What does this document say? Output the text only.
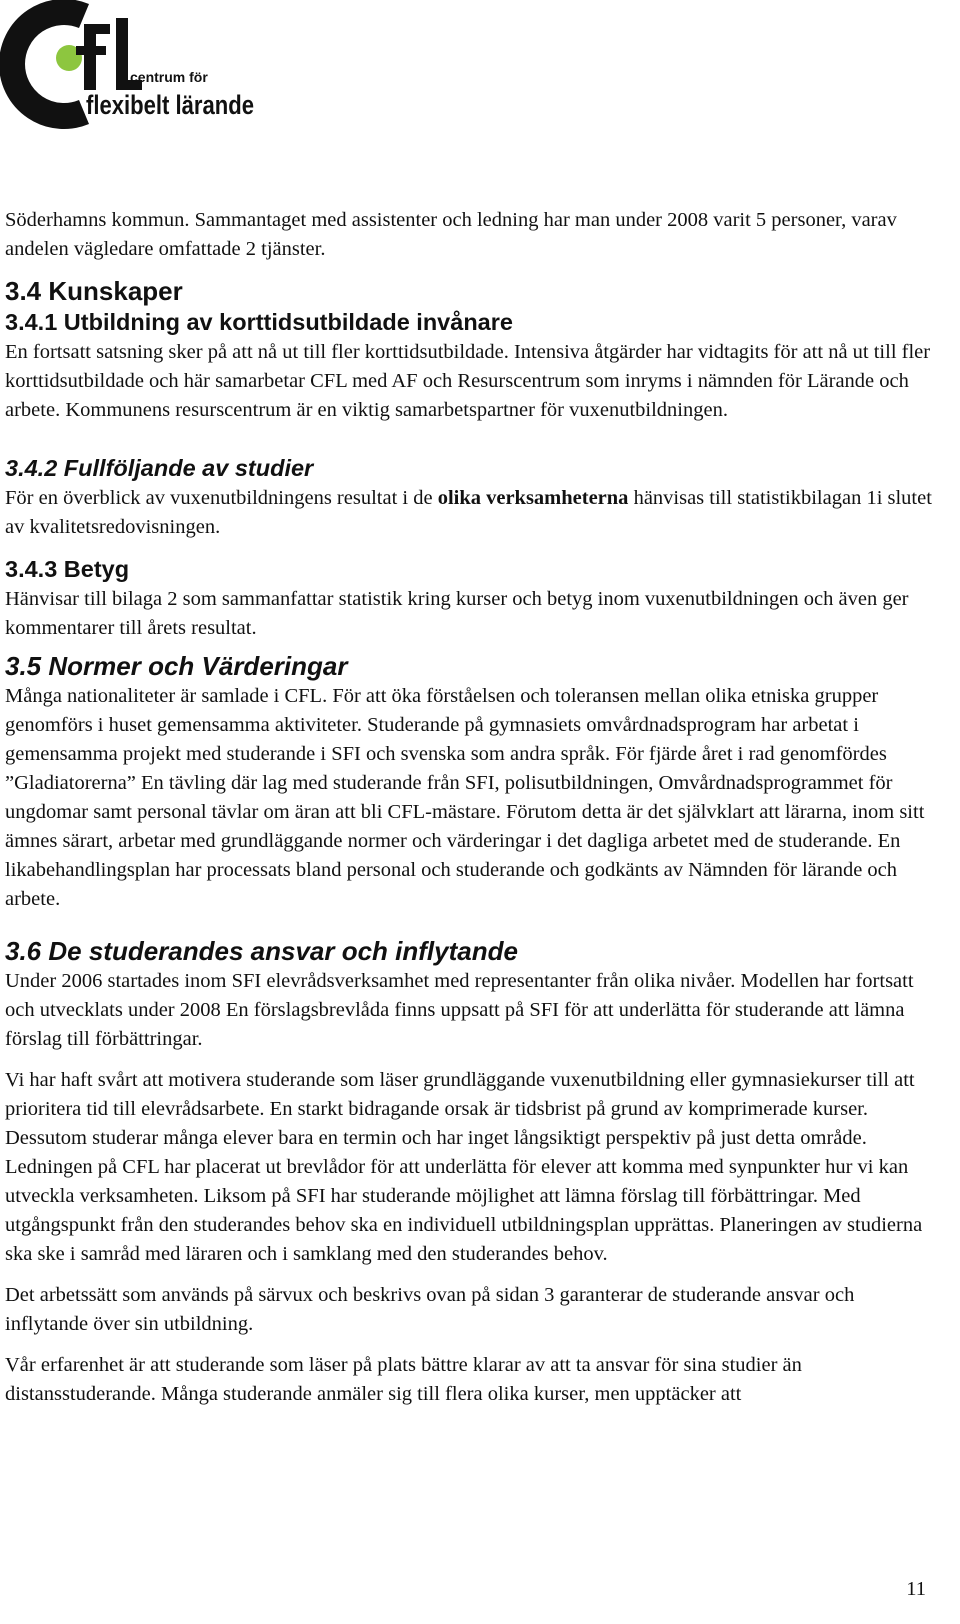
centrum för
flexibelt lärande

Söderhamns kommun. Sammantaget med assistenter och ledning har man under 2008 varit 5 personer, varav andelen vägledare omfattade 2 tjänster.

3.4 Kunskaper

3.4.1 Utbildning av korttidsutbildade invånare

En fortsatt satsning sker på att nå ut till fler korttidsutbildade. Intensiva åtgärder har vidtagits för att nå ut till fler korttidsutbildade och här samarbetar CFL med AF och Resurscentrum som inryms i nämnden för Lärande och arbete. Kommunens resurscentrum är en viktig samarbetspartner för vuxenutbildningen.

3.4.2 Fullföljande av studier

För en överblick av vuxenutbildningens resultat i de olika verksamheterna hänvisas till statistikbilagan 1i slutet av kvalitetsredovisningen.

3.4.3 Betyg

Hänvisar till bilaga 2 som sammanfattar statistik kring kurser och betyg inom vuxenutbildningen och även ger kommentarer till årets resultat.

3.5 Normer och Värderingar

Många nationaliteter är samlade i CFL. För att öka förståelsen och toleransen mellan olika etniska grupper genomförs i huset gemensamma aktiviteter. Studerande på gymnasiets omvårdnadsprogram har arbetat i gemensamma projekt med studerande i SFI och svenska som andra språk. För fjärde året i rad genomfördes ”Gladiatorerna” En tävling där lag med studerande från SFI, polisutbildningen, Omvårdnadsprogrammet för ungdomar samt personal tävlar om äran att bli CFL-mästare. Förutom detta är det självklart att lärarna, inom sitt ämnes särart, arbetar med grundläggande normer och värderingar i det dagliga arbetet med de studerande. En likabehandlingsplan har processats bland personal och studerande och godkänts av Nämnden för lärande och arbete.

3.6 De studerandes ansvar och inflytande

Under 2006 startades inom SFI elevrådsverksamhet med representanter från olika nivåer. Modellen har fortsatt och utvecklats under 2008 En förslagsbrevlåda finns uppsatt på SFI för att underlätta för studerande att lämna förslag till förbättringar.

Vi har haft svårt att motivera studerande som läser grundläggande vuxenutbildning eller gymnasiekurser till att prioritera tid till elevrådsarbete. En starkt bidragande orsak är tidsbrist på grund av komprimerade kurser. Dessutom studerar många elever bara en termin och har inget långsiktigt perspektiv på just detta område. Ledningen på CFL har placerat ut brevlådor för att underlätta för elever att komma med synpunkter hur vi kan utveckla verksamheten. Liksom på SFI har studerande möjlighet att lämna förslag till förbättringar. Med utgångspunkt från den studerandes behov ska en individuell utbildningsplan upprättas. Planeringen av studierna ska ske i samråd med läraren och i samklang med den studerandes behov.

Det arbetssätt som används på särvux och beskrivs ovan på sidan 3 garanterar de studerande ansvar och inflytande över sin utbildning.

Vår erfarenhet är att studerande som läser på plats bättre klarar av att ta ansvar för sina studier än distansstuderande. Många studerande anmäler sig till flera olika kurser, men upptäcker att

11
